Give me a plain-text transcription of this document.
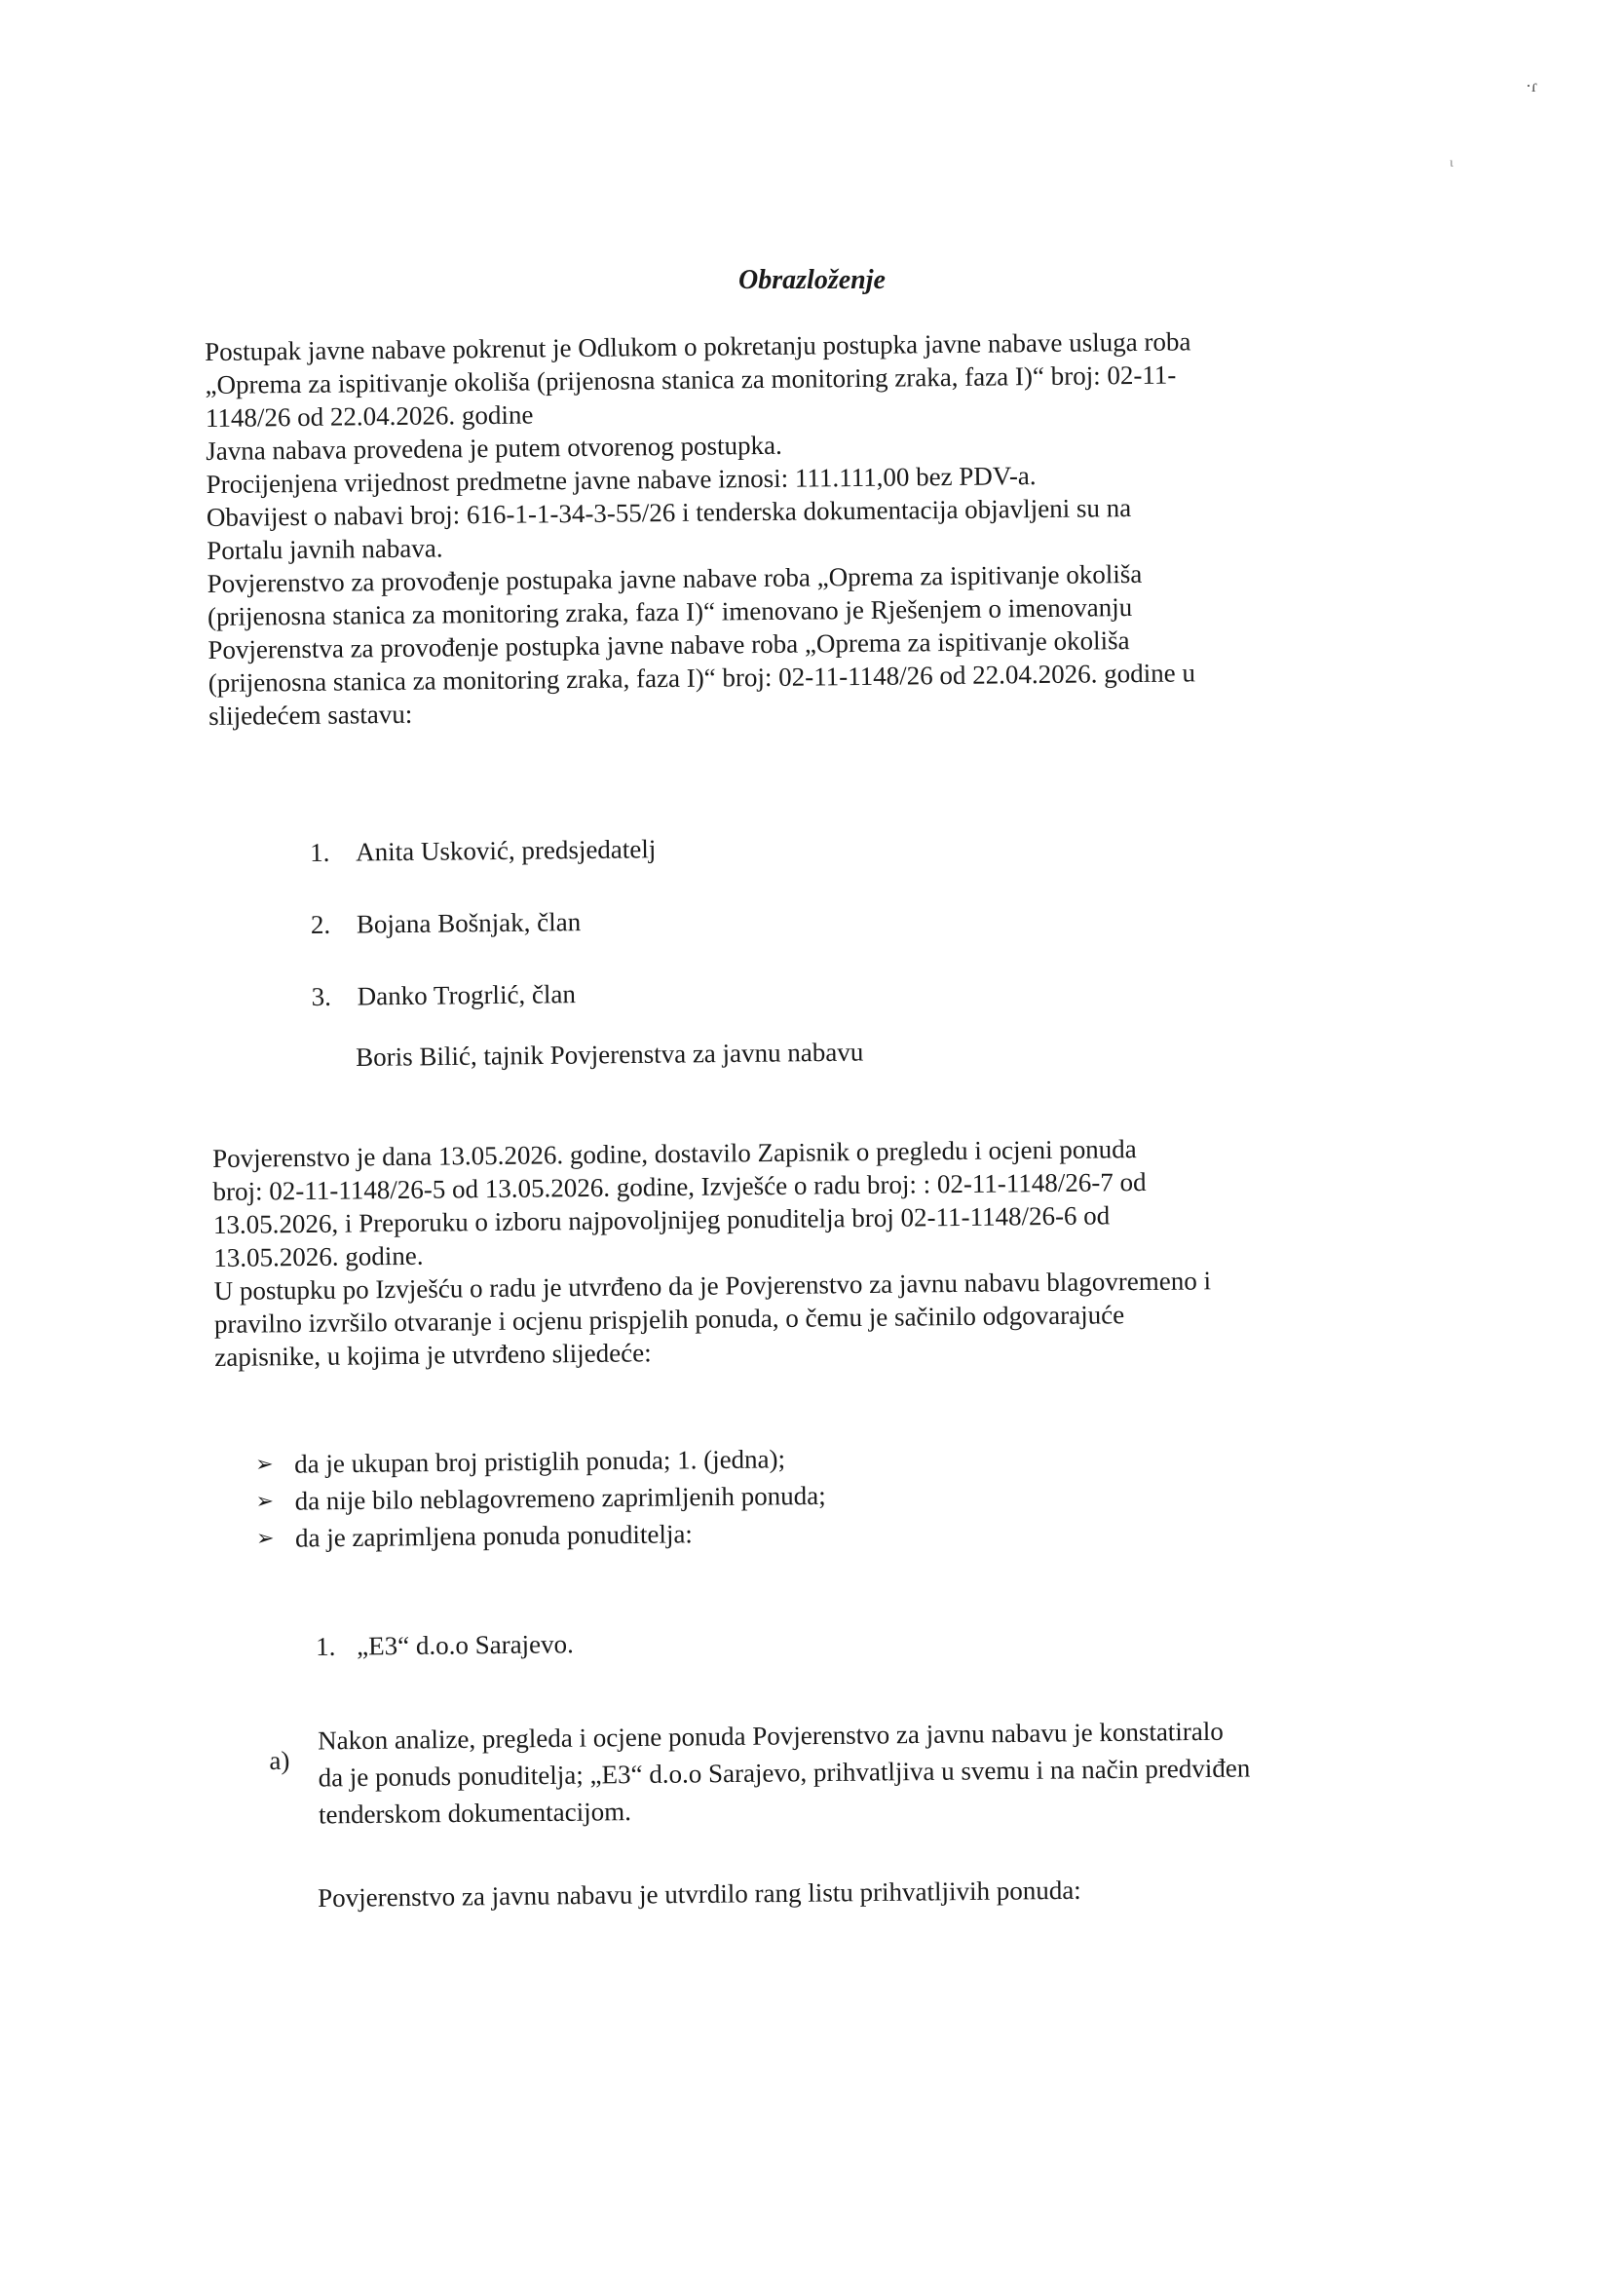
·ɾ
ι
Obrazloženje
Postupak javne nabave pokrenut je Odlukom o pokretanju postupka javne nabave usluga roba
„Oprema za ispitivanje okoliša (prijenosna stanica za monitoring zraka, faza I)“ broj: 02-11-
1148/26 od 22.04.2026. godine
Javna nabava provedena je putem otvorenog postupka.
Procijenjena vrijednost predmetne javne nabave iznosi: 111.111,00 bez PDV-a.
Obavijest o nabavi broj: 616-1-1-34-3-55/26 i tenderska dokumentacija objavljeni su na
Portalu javnih nabava.
Povjerenstvo za provođenje postupaka javne nabave roba „Oprema za ispitivanje okoliša
(prijenosna stanica za monitoring zraka, faza I)“ imenovano je Rješenjem o imenovanju
Povjerenstva za provođenje postupka javne nabave roba „Oprema za ispitivanje okoliša
(prijenosna stanica za monitoring zraka, faza I)“ broj: 02-11-1148/26 od 22.04.2026. godine u
slijedećem sastavu:
1. Anita Usković, predsjedatelj
2. Bojana Bošnjak, član
3. Danko Trogrlić, član
Boris Bilić, tajnik Povjerenstva za javnu nabavu
Povjerenstvo je dana 13.05.2026. godine, dostavilo Zapisnik o pregledu i ocjeni ponuda
broj: 02-11-1148/26-5 od 13.05.2026. godine, Izvješće o radu broj: : 02-11-1148/26-7 od
13.05.2026, i Preporuku o izboru najpovoljnijeg ponuditelja broj 02-11-1148/26-6 od
13.05.2026. godine.
U postupku po Izvješću o radu je utvrđeno da je Povjerenstvo za javnu nabavu blagovremeno i
pravilno izvršilo otvaranje i ocjenu prispjelih ponuda, o čemu je sačinilo odgovarajuće
zapisnike, u kojima je utvrđeno slijedeće:
➢ da je ukupan broj pristiglih ponuda; 1. (jedna);
➢ da nije bilo neblagovremeno zaprimljenih ponuda;
➢ da je zaprimljena ponuda ponuditelja:
1. „E3“ d.o.o Sarajevo.
a)
Nakon analize, pregleda i ocjene ponuda Povjerenstvo za javnu nabavu je konstatiralo
da je ponuds ponuditelja; „E3“ d.o.o Sarajevo, prihvatljiva u svemu i na način predviđen
tenderskom dokumentacijom.
Povjerenstvo za javnu nabavu je utvrdilo rang listu prihvatljivih ponuda:
